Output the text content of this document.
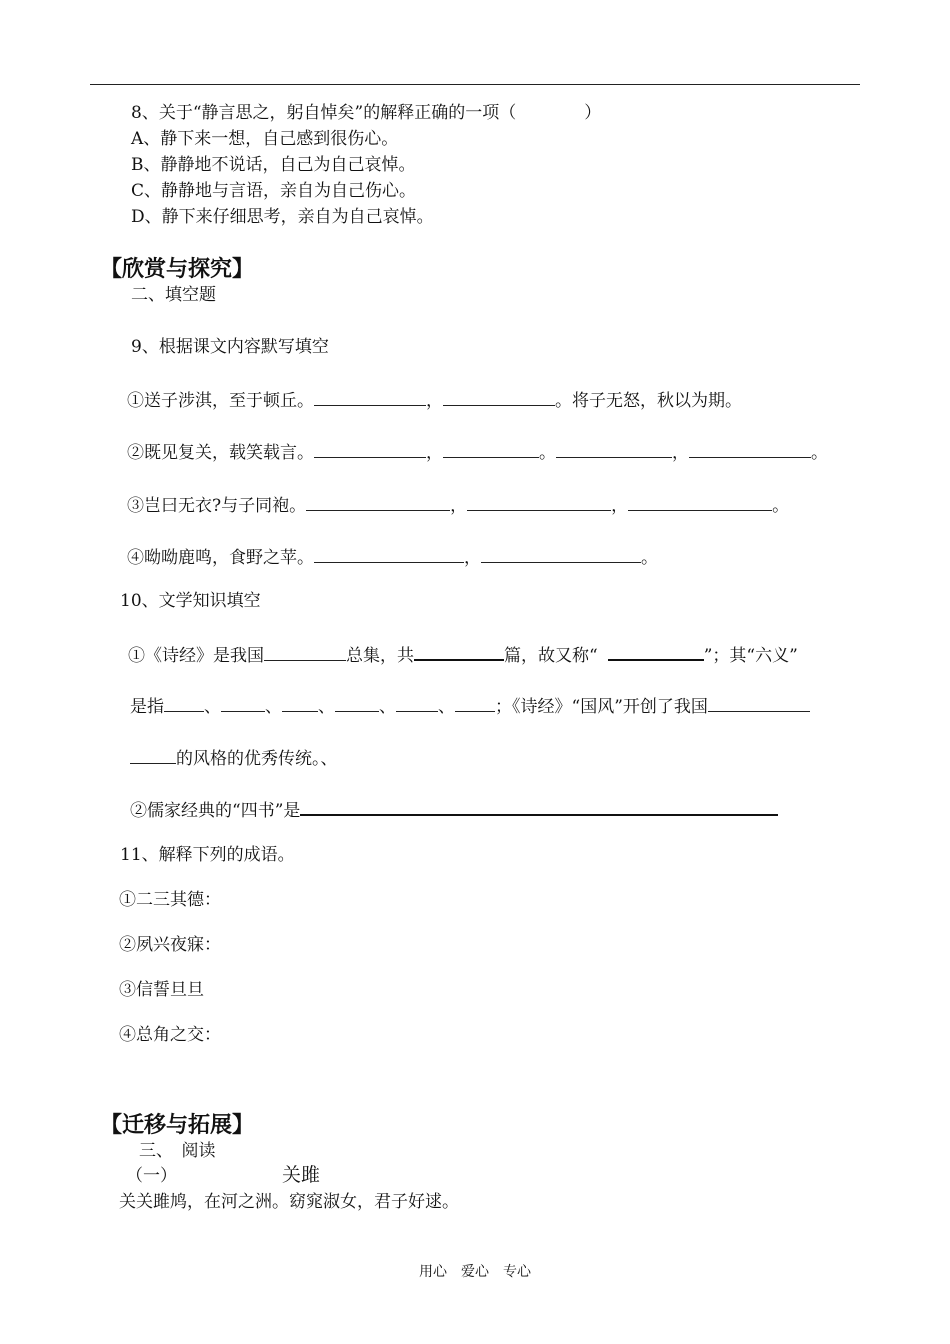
8、关于“静言思之，躬自悼矣”的解释正确的一项（　　　　）
A、静下来一想，自己感到很伤心。
B、静静地不说话，自己为自己哀悼。
C、静静地与言语，亲自为自己伤心。
D、静下来仔细思考，亲自为自己哀悼。
【欣赏与探究】
二、填空题
9、根据课文内容默写填空
①送子涉淇，至于顿丘。	，	。将子无怒，秋以为期。
②既见复关，载笑载言。	，	。	，	。
③岂曰无衣?与子同袍。	，	，	。
④呦呦鹿鸣，食野之苹。	，	。
10、文学知识填空
①《诗经》是我国	总集，共	篇，故又称“	”；其“六义”
是指 、	、 、	、 、 ；《诗经》“国风”开创了我国
的风格的优秀传统。、
②儒家经典的“四书”是
11、解释下列的成语。
①二三其德：
②夙兴夜寐：
③信誓旦旦
④总角之交：
【迁移与拓展】
三、　阅读
（一）	关雎
关关雎鸠，在河之洲。窈窕淑女，君子好逑。
用心　爱心　专心
